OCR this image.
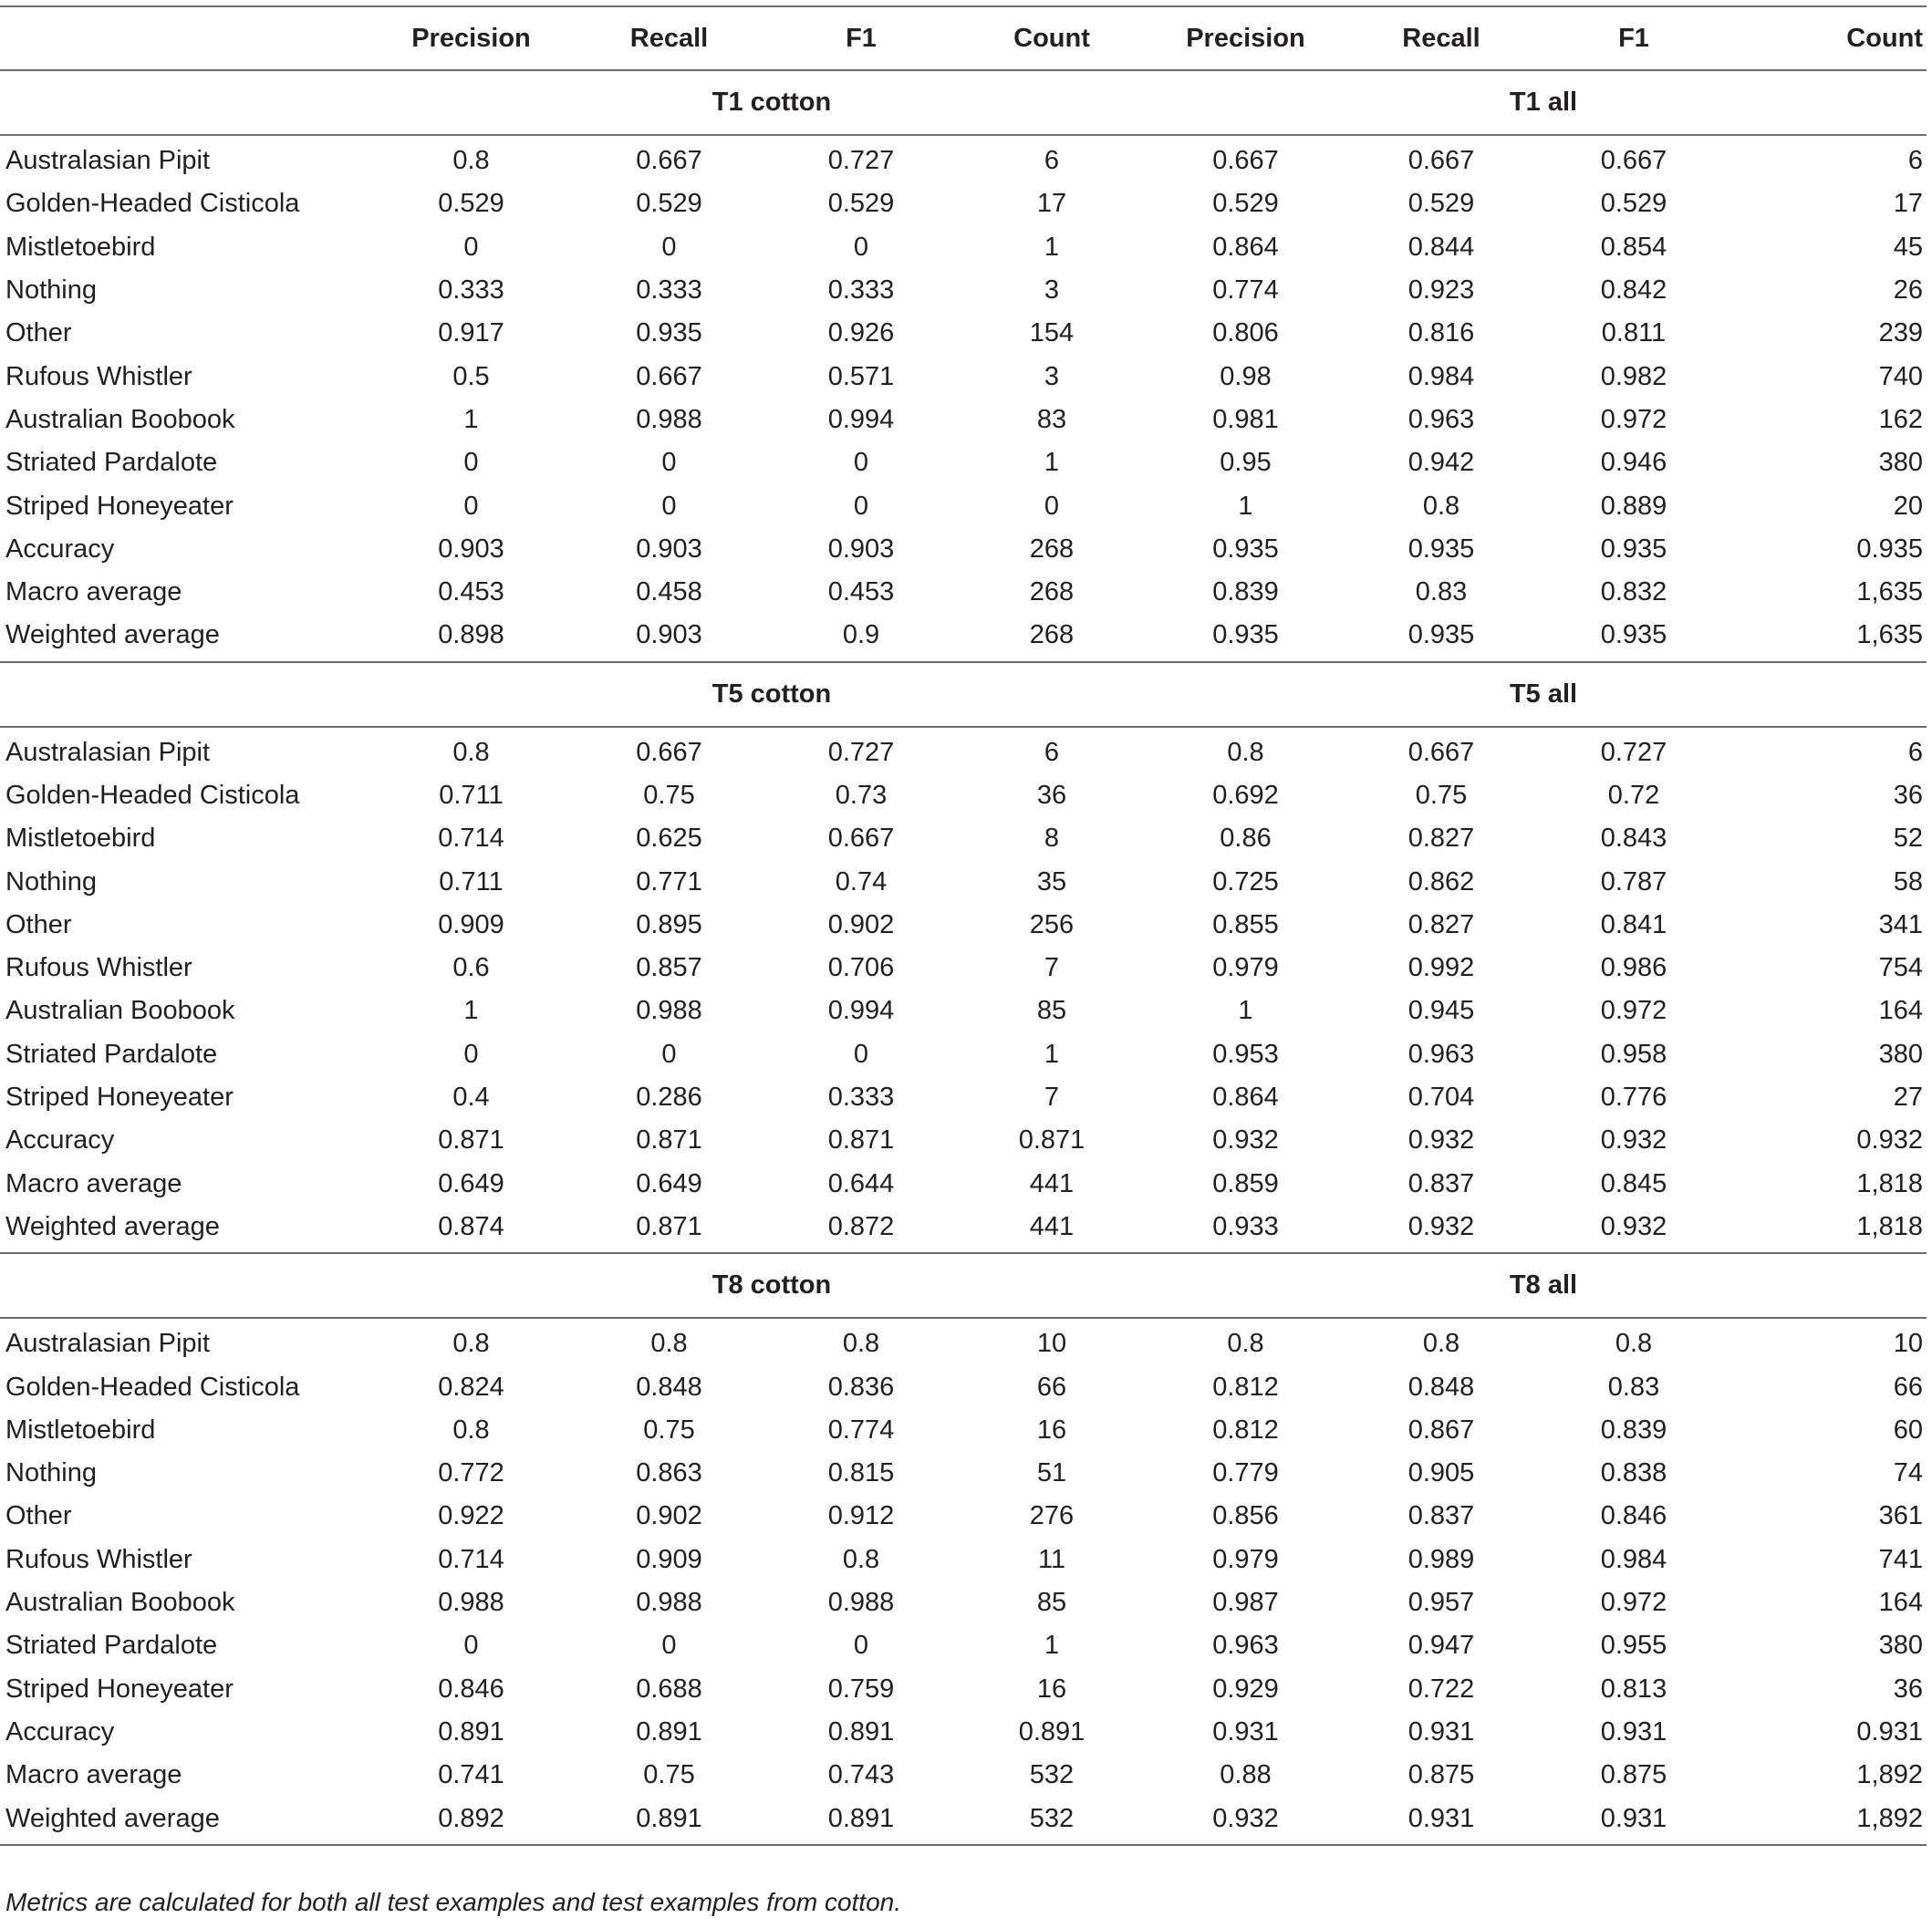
	Precision	Recall	F1	Count	Precision	Recall	F1	Count
	T1 cotton				T1 all			
Australasian Pipit	0.8	0.667	0.727	6	0.667	0.667	0.667	6
Golden-Headed Cisticola	0.529	0.529	0.529	17	0.529	0.529	0.529	17
Mistletoebird	0	0	0	1	0.864	0.844	0.854	45
Nothing	0.333	0.333	0.333	3	0.774	0.923	0.842	26
Other	0.917	0.935	0.926	154	0.806	0.816	0.811	239
Rufous Whistler	0.5	0.667	0.571	3	0.98	0.984	0.982	740
Australian Boobook	1	0.988	0.994	83	0.981	0.963	0.972	162
Striated Pardalote	0	0	0	1	0.95	0.942	0.946	380
Striped Honeyeater	0	0	0	0	1	0.8	0.889	20
Accuracy	0.903	0.903	0.903	268	0.935	0.935	0.935	0.935
Macro average	0.453	0.458	0.453	268	0.839	0.83	0.832	1,635
Weighted average	0.898	0.903	0.9	268	0.935	0.935	0.935	1,635
	T5 cotton				T5 all			
Australasian Pipit	0.8	0.667	0.727	6	0.8	0.667	0.727	6
Golden-Headed Cisticola	0.711	0.75	0.73	36	0.692	0.75	0.72	36
Mistletoebird	0.714	0.625	0.667	8	0.86	0.827	0.843	52
Nothing	0.711	0.771	0.74	35	0.725	0.862	0.787	58
Other	0.909	0.895	0.902	256	0.855	0.827	0.841	341
Rufous Whistler	0.6	0.857	0.706	7	0.979	0.992	0.986	754
Australian Boobook	1	0.988	0.994	85	1	0.945	0.972	164
Striated Pardalote	0	0	0	1	0.953	0.963	0.958	380
Striped Honeyeater	0.4	0.286	0.333	7	0.864	0.704	0.776	27
Accuracy	0.871	0.871	0.871	0.871	0.932	0.932	0.932	0.932
Macro average	0.649	0.649	0.644	441	0.859	0.837	0.845	1,818
Weighted average	0.874	0.871	0.872	441	0.933	0.932	0.932	1,818
	T8 cotton				T8 all			
Australasian Pipit	0.8	0.8	0.8	10	0.8	0.8	0.8	10
Golden-Headed Cisticola	0.824	0.848	0.836	66	0.812	0.848	0.83	66
Mistletoebird	0.8	0.75	0.774	16	0.812	0.867	0.839	60
Nothing	0.772	0.863	0.815	51	0.779	0.905	0.838	74
Other	0.922	0.902	0.912	276	0.856	0.837	0.846	361
Rufous Whistler	0.714	0.909	0.8	11	0.979	0.989	0.984	741
Australian Boobook	0.988	0.988	0.988	85	0.987	0.957	0.972	164
Striated Pardalote	0	0	0	1	0.963	0.947	0.955	380
Striped Honeyeater	0.846	0.688	0.759	16	0.929	0.722	0.813	36
Accuracy	0.891	0.891	0.891	0.891	0.931	0.931	0.931	0.931
Macro average	0.741	0.75	0.743	532	0.88	0.875	0.875	1,892
Weighted average	0.892	0.891	0.891	532	0.932	0.931	0.931	1,892
Metrics are calculated for both all test examples and test examples from cotton.
